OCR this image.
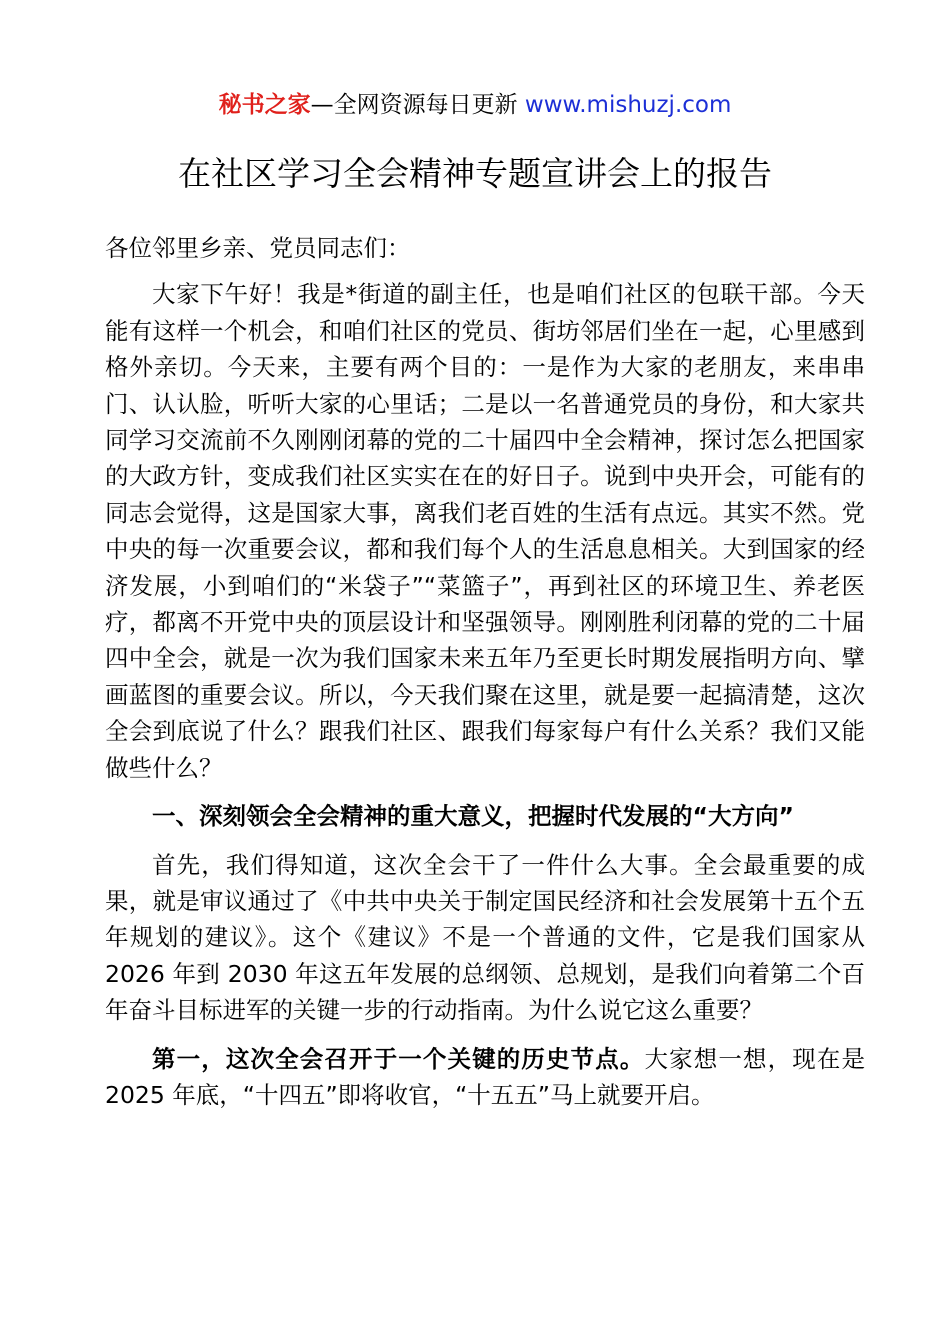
秘书之家—全网资源每日更新 www.mishuzj.com
在社区学习全会精神专题宣讲会上的报告

各位邻里乡亲、党员同志们：

大家下午好！我是*街道的副主任，也是咱们社区的包联干部。今天能有这样一个机会，和咱们社区的党员、街坊邻居们坐在一起，心里感到格外亲切。今天来，主要有两个目的：一是作为大家的老朋友，来串串门、认认脸，听听大家的心里话；二是以一名普通党员的身份，和大家共同学习交流前不久刚刚闭幕的党的二十届四中全会精神，探讨怎么把国家的大政方针，变成我们社区实实在在的好日子。说到中央开会，可能有的同志会觉得，这是国家大事，离我们老百姓的生活有点远。其实不然。党中央的每一次重要会议，都和我们每个人的生活息息相关。大到国家的经济发展，小到咱们的“米袋子”“菜篮子”，再到社区的环境卫生、养老医疗，都离不开党中央的顶层设计和坚强领导。刚刚胜利闭幕的党的二十届四中全会，就是一次为我们国家未来五年乃至更长时期发展指明方向、擘画蓝图的重要会议。所以，今天我们聚在这里，就是要一起搞清楚，这次全会到底说了什么？跟我们社区、跟我们每家每户有什么关系？我们又能做些什么？

一、深刻领会全会精神的重大意义，把握时代发展的“大方向”

首先，我们得知道，这次全会干了一件什么大事。全会最重要的成果，就是审议通过了《中共中央关于制定国民经济和社会发展第十五个五年规划的建议》。这个《建议》不是一个普通的文件，它是我们国家从 2026 年到 2030 年这五年发展的总纲领、总规划，是我们向着第二个百年奋斗目标进军的关键一步的行动指南。为什么说它这么重要？

第一，这次全会召开于一个关键的历史节点。大家想一想，现在是 2025 年底，“十四五”即将收官，“十五五”马上就要开启。
